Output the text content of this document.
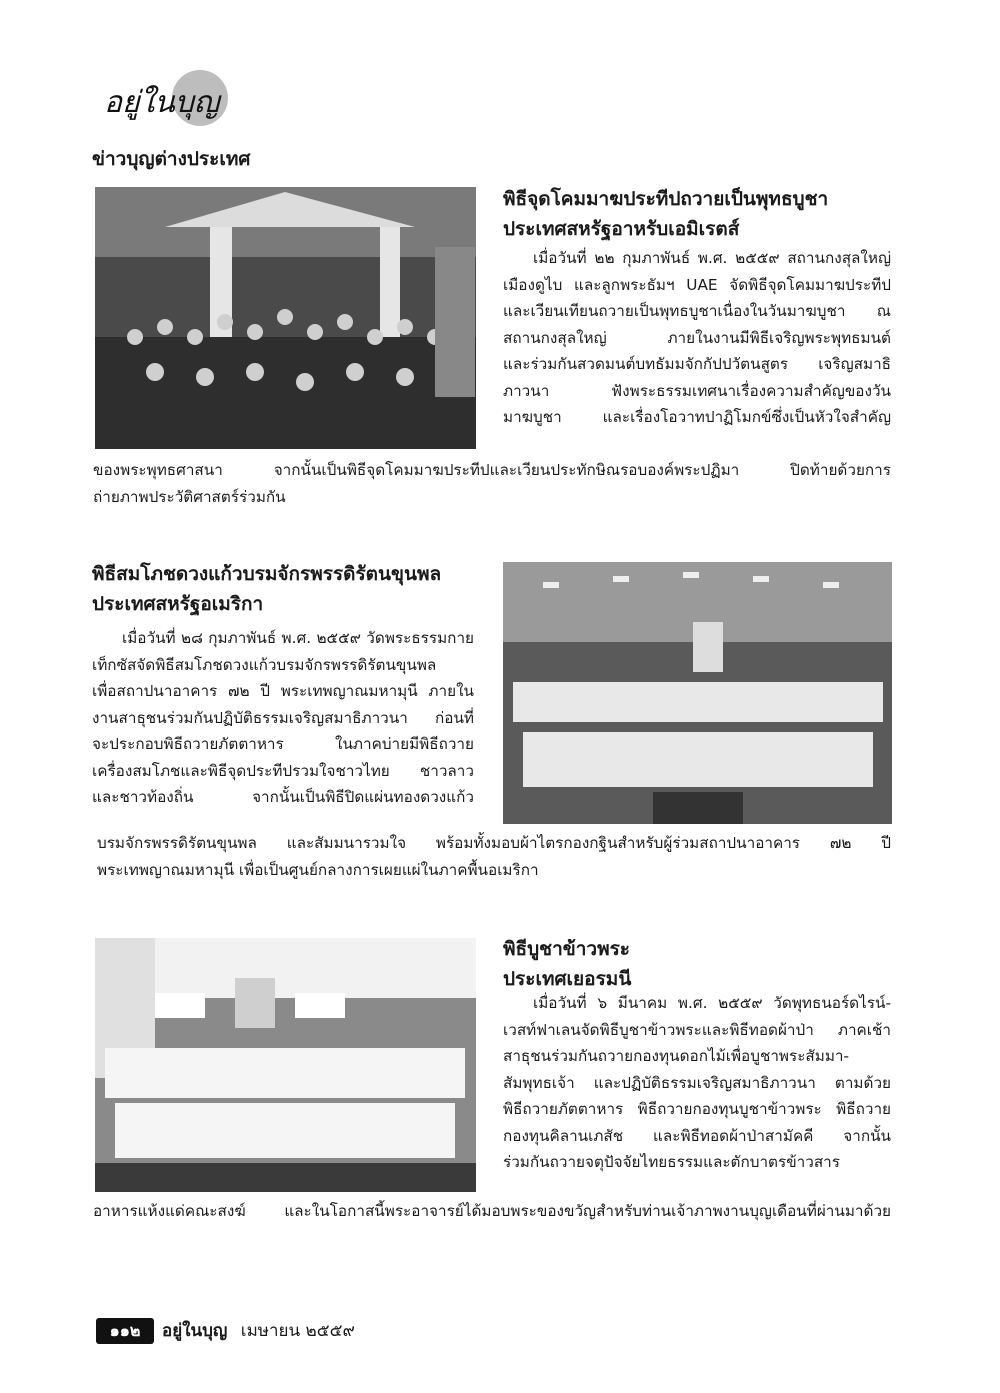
อยู่ในบุญ
ข่าวบุญต่างประเทศ
พิธีจุดโคมมาฆประทีปถวายเป็นพุทธบูชา
ประเทศสหรัฐอาหรับเอมิเรตส์

เมื่อวันที่ ๒๒ กุมภาพันธ์ พ.ศ. ๒๕๕๙ สถานกงสุลใหญ่

เมืองดูไบ และลูกพระธัมฯ UAE จัดพิธีจุดโคมมาฆประทีป

และเวียนเทียนถวายเป็นพุทธบูชาเนื่องในวันมาฆบูชา ณ

สถานกงสุลใหญ่ ภายในงานมีพิธีเจริญพระพุทธมนต์

และร่วมกันสวดมนต์บทธัมมจักกัปปวัตนสูตร เจริญสมาธิ

ภาวนา ฟังพระธรรมเทศนาเรื่องความสำคัญของวัน

มาฆบูชา และเรื่องโอวาทปาฏิโมกข์ซึ่งเป็นหัวใจสำคัญ

ของพระพุทธศาสนา จากนั้นเป็นพิธีจุดโคมมาฆประทีปและเวียนประทักษิณรอบองค์พระปฏิมา ปิดท้ายด้วยการ

ถ่ายภาพประวัติศาสตร์ร่วมกัน

พิธีสมโภชดวงแก้วบรมจักรพรรดิรัตนขุนพล
ประเทศสหรัฐอเมริกา

เมื่อวันที่ ๒๘ กุมภาพันธ์ พ.ศ. ๒๕๕๙ วัดพระธรรมกาย

เท็กซัสจัดพิธีสมโภชดวงแก้วบรมจักรพรรดิรัตนขุนพล

เพื่อสถาปนาอาคาร ๗๒ ปี พระเทพญาณมหามุนี ภายใน

งานสาธุชนร่วมกันปฏิบัติธรรมเจริญสมาธิภาวนา ก่อนที่

จะประกอบพิธีถวายภัตตาหาร ในภาคบ่ายมีพิธีถวาย

เครื่องสมโภชและพิธีจุดประทีปรวมใจชาวไทย ชาวลาว

และชาวท้องถิ่น จากนั้นเป็นพิธีปิดแผ่นทองดวงแก้ว

บรมจักรพรรดิรัตนขุนพล และสัมมนารวมใจ พร้อมทั้งมอบผ้าไตรกองกฐินสำหรับผู้ร่วมสถาปนาอาคาร ๗๒ ปี

พระเทพญาณมหามุนี เพื่อเป็นศูนย์กลางการเผยแผ่ในภาคพื้นอเมริกา

พิธีบูชาข้าวพระ
ประเทศเยอรมนี

เมื่อวันที่ ๖ มีนาคม พ.ศ. ๒๕๕๙ วัดพุทธนอร์ดไรน์-

เวสท์ฟาเลนจัดพิธีบูชาข้าวพระและพิธีทอดผ้าป่า ภาคเช้า

สาธุชนร่วมกันถวายกองทุนดอกไม้เพื่อบูชาพระสัมมา-

สัมพุทธเจ้า และปฏิบัติธรรมเจริญสมาธิภาวนา ตามด้วย

พิธีถวายภัตตาหาร พิธีถวายกองทุนบูชาข้าวพระ พิธีถวาย

กองทุนคิลานเภสัช และพิธีทอดผ้าป่าสามัคคี จากนั้น

ร่วมกันถวายจตุปัจจัยไทยธรรมและตักบาตรข้าวสาร

อาหารแห้งแด่คณะสงฆ์ และในโอกาสนี้พระอาจารย์ได้มอบพระของขวัญสำหรับท่านเจ้าภาพงานบุญเดือนที่ผ่านมาด้วย

๑๑๒	อยู่ในบุญ เมษายน ๒๕๕๙
